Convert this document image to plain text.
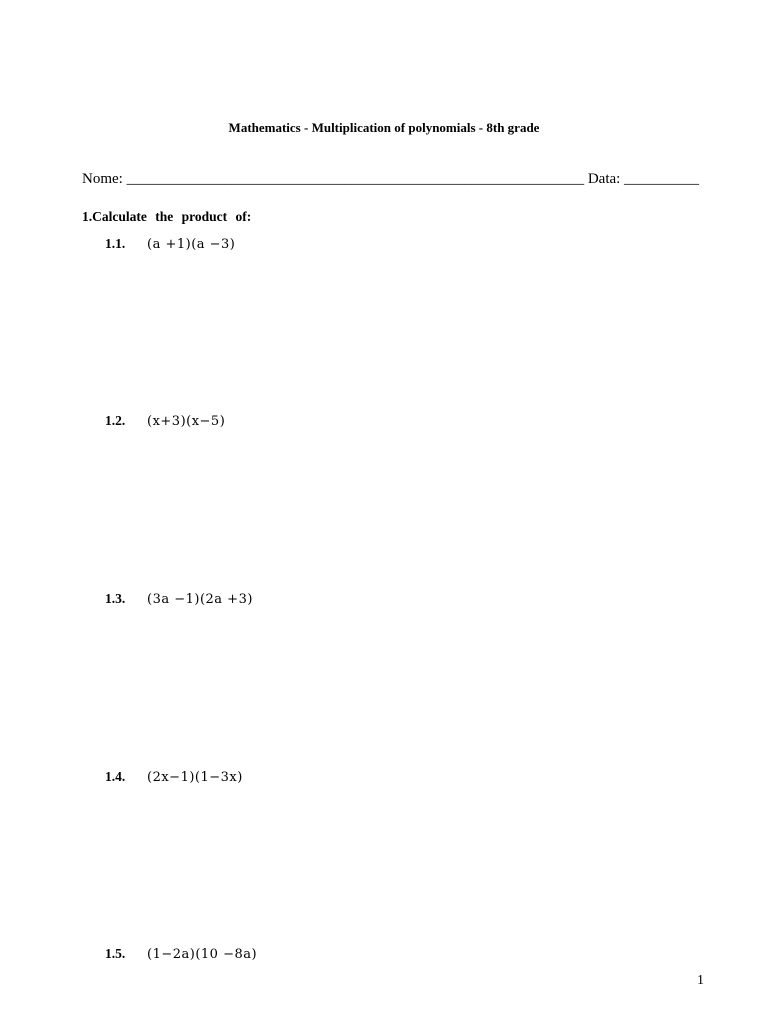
Mathematics - Multiplication of polynomials - 8th grade
Nome: _____________________________________________________________ Data: __________
1.Calculate the product of:
1.1. (a +1)(a −3)
1.2. (x+3)(x−5)
1.3. (3a −1)(2a +3)
1.4. (2x−1)(1−3x)
1.5. (1−2a)(10 −8a)
1
